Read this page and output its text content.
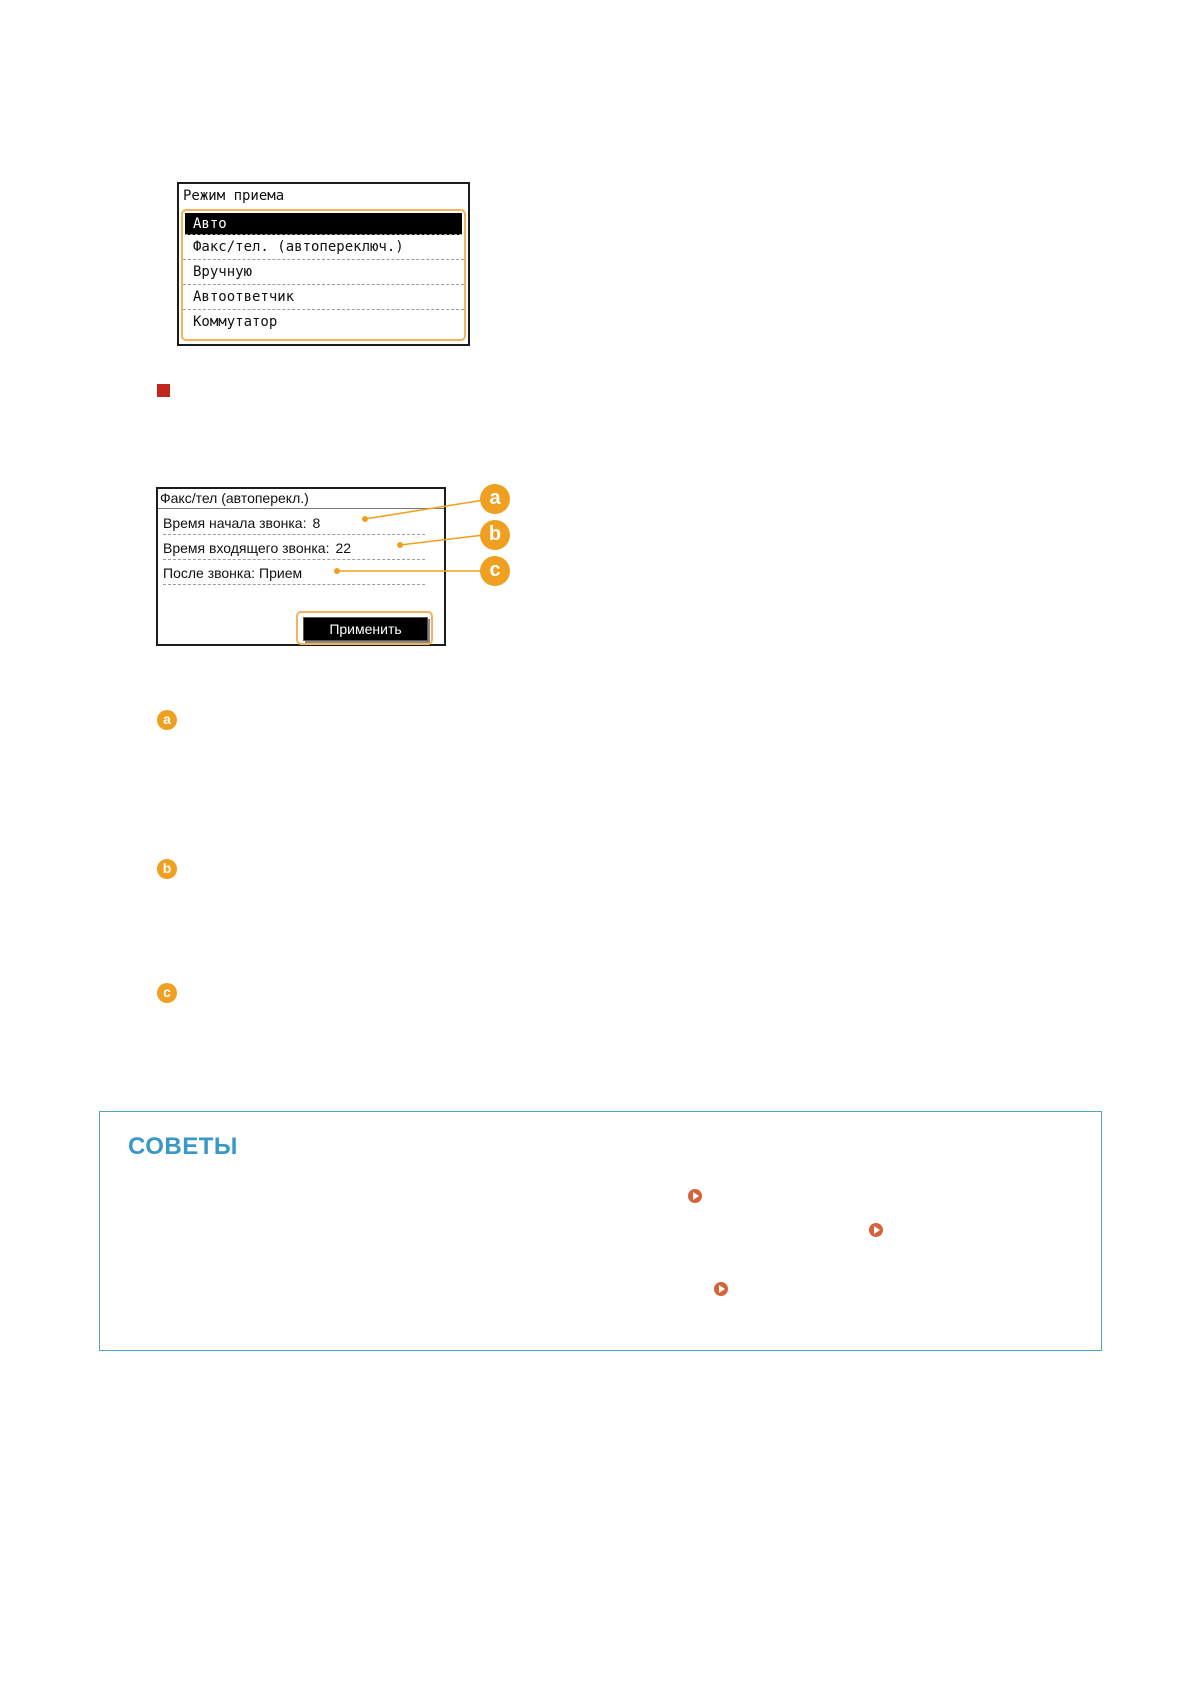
Режим приема
Авто
Факс/тел. (автопереключ.)
Вручную
Автоответчик
Коммутатор
Факс/тел (автоперекл.)
Время начала звонка: 8
Время входящего звонка: 22
После звонка: Прием
Применить
a
b
c
a
b
c
СОВЕТЫ
